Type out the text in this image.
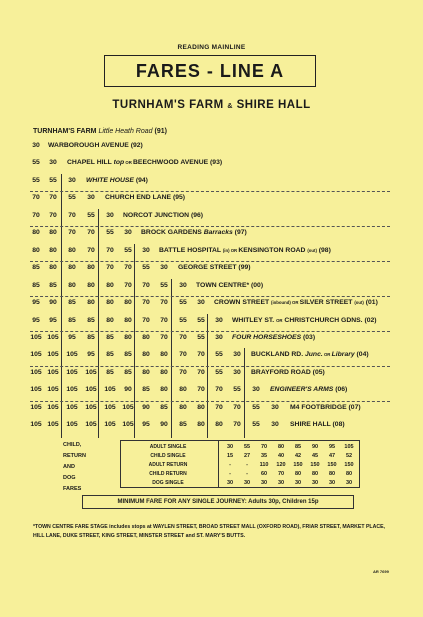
READING MAINLINE
FARES - LINE A
TURNHAM'S FARM & SHIRE HALL
TURNHAM'S FARM Little Heath Road (91)
30	WARBOROUGH AVENUE (92)
55	30	CHAPEL HILL top OR BEECHWOOD AVENUE (93)
55	55	30	WHITE HOUSE (94)
70	70	55	30	CHURCH END LANE (95)
70	70	70	55	30	NORCOT JUNCTION (96)
80	80	70	70	55	30	BROCK GARDENS Barracks (97)
80	80	80	70	70	55	30	BATTLE HOSPITAL (in) OR KENSINGTON ROAD (out) (98)
85	80	80	80	70	70	55	30	GEORGE STREET (99)
85	85	80	80	80	70	70	55	30	TOWN CENTRE* (00)
95	90	85	80	80	80	70	70	55	30	CROWN STREET (inbound) OR SILVER STREET (out) (01)
95	95	85	85	80	80	70	70	55	55	30	WHITLEY ST. OR CHRISTCHURCH GDNS. (02)
105 105	95	85	85	80	80	70	70	55	30	FOUR HORSESHOES (03)
105 105	105	95	85	85	80	80	70	70	55	30	BUCKLAND RD. Junc. OR Library (04)
105 105	105	105	85	85	80	80	70	70	55	30	BRAYFORD ROAD (05)
105 105	105	105	105	90	85	80	80	70	70	55	30	ENGINEER'S ARMS (06)
105 105	105	105	105 105	90	85	80	80	70	70	55	30	M4 FOOTBRIDGE (07)
105 105	105	105	105 105	95	90	85	80	80	70	55	30	SHIRE HALL (08)
CHILD,
RETURN
AND
DOG
FARES
ADULT SINGLE	30	55	70	80	85	90	95	105
CHILD SINGLE	15	27	35	40	42	45	47	52
ADULT RETURN	-	-	110	120	150	150	150	150
CHILD RETURN	-	-	60	70	80	80	80	80
DOG SINGLE	30	30	30	30	30	30	30	30
MINIMUM FARE FOR ANY SINGLE JOURNEY: Adults 30p, Children 15p
*TOWN CENTRE FARE STAGE includes stops at WAYLEN STREET, BROAD STREET MALL (OXFORD ROAD), FRIAR STREET, MARKET PLACE, HILL LANE, DUKE STREET, KING STREET, MINSTER STREET and ST. MARY'S BUTTS.
AR 7699
